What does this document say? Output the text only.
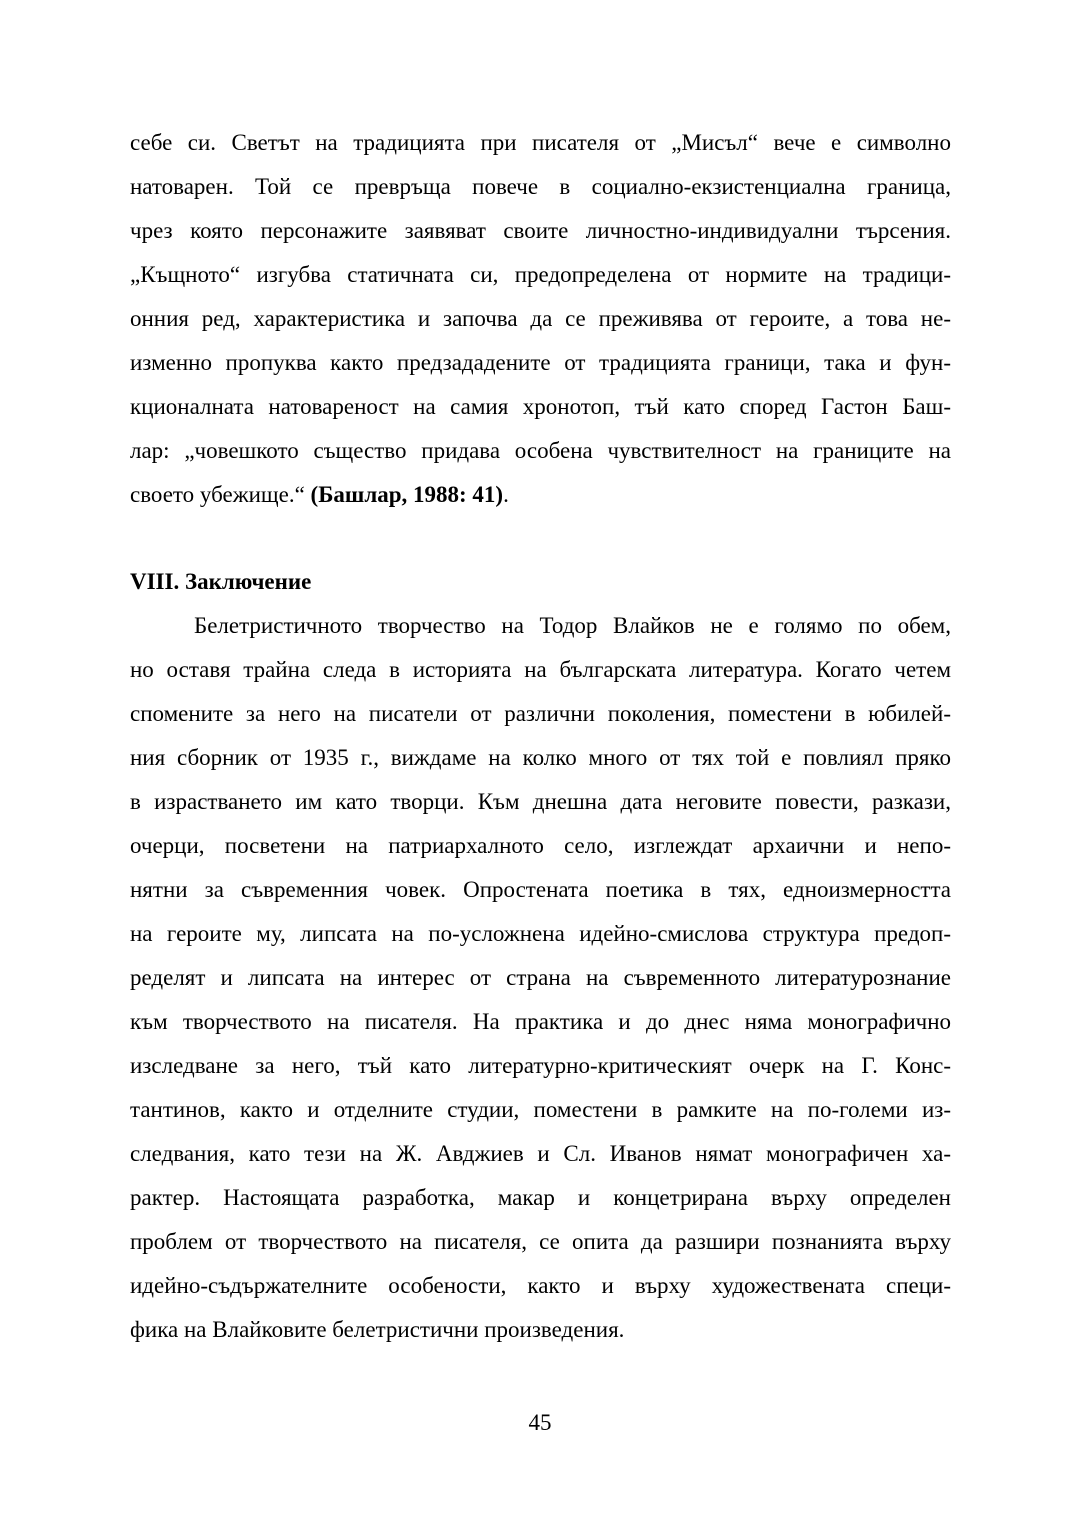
себе си. Светът на традицията при писателя от „Мисъл“ вече е символно
натоварен. Той се превръща повече в социално-екзистенциална граница,
чрез която персонажите заявяват своите личностно-индивидуални търсения.
„Къщното“ изгубва статичната си, предопределена от нормите на традици-
онния ред, характеристика и започва да се преживява от героите, а това не-
изменно пропуква както предзададените от традицията граници, така и фун-
кционалната натовареност на самия хронотоп, тъй като според Гастон Баш-
лар: „човешкото същество придава особена чувствителност на границите на
своето убежище.“ (Башлар, 1988: 41).
VIII. Заключение
Белетристичното творчество на Тодор Влайков не е голямо по обем,
но оставя трайна следа в историята на българската литература. Когато четем
спомените за него на писатели от различни поколения, поместени в юбилей-
ния сборник от 1935 г., виждаме на колко много от тях той е повлиял пряко
в израстването им като творци. Към днешна дата неговите повести, разкази,
очерци, посветени на патриархалното село, изглеждат архаични и непо-
нятни за съвременния човек. Опростената поетика в тях, едноизмерността
на героите му, липсата на по-усложнена идейно-смислова структура предоп-
ределят и липсата на интерес от страна на съвременното литературознание
към творчеството на писателя. На практика и до днес няма монографично
изследване за него, тъй като литературно-критическият очерк на Г. Конс-
тантинов, както и отделните студии, поместени в рамките на по-големи из-
следвания, като тези на Ж. Авджиев и Сл. Иванов нямат монографичен ха-
рактер. Настоящата разработка, макар и концетрирана върху определен
проблем от творчеството на писателя, се опита да разшири познанията върху
идейно-съдържателните особености, както и върху художествената специ-
фика на Влайковите белетристични произведения.
45
